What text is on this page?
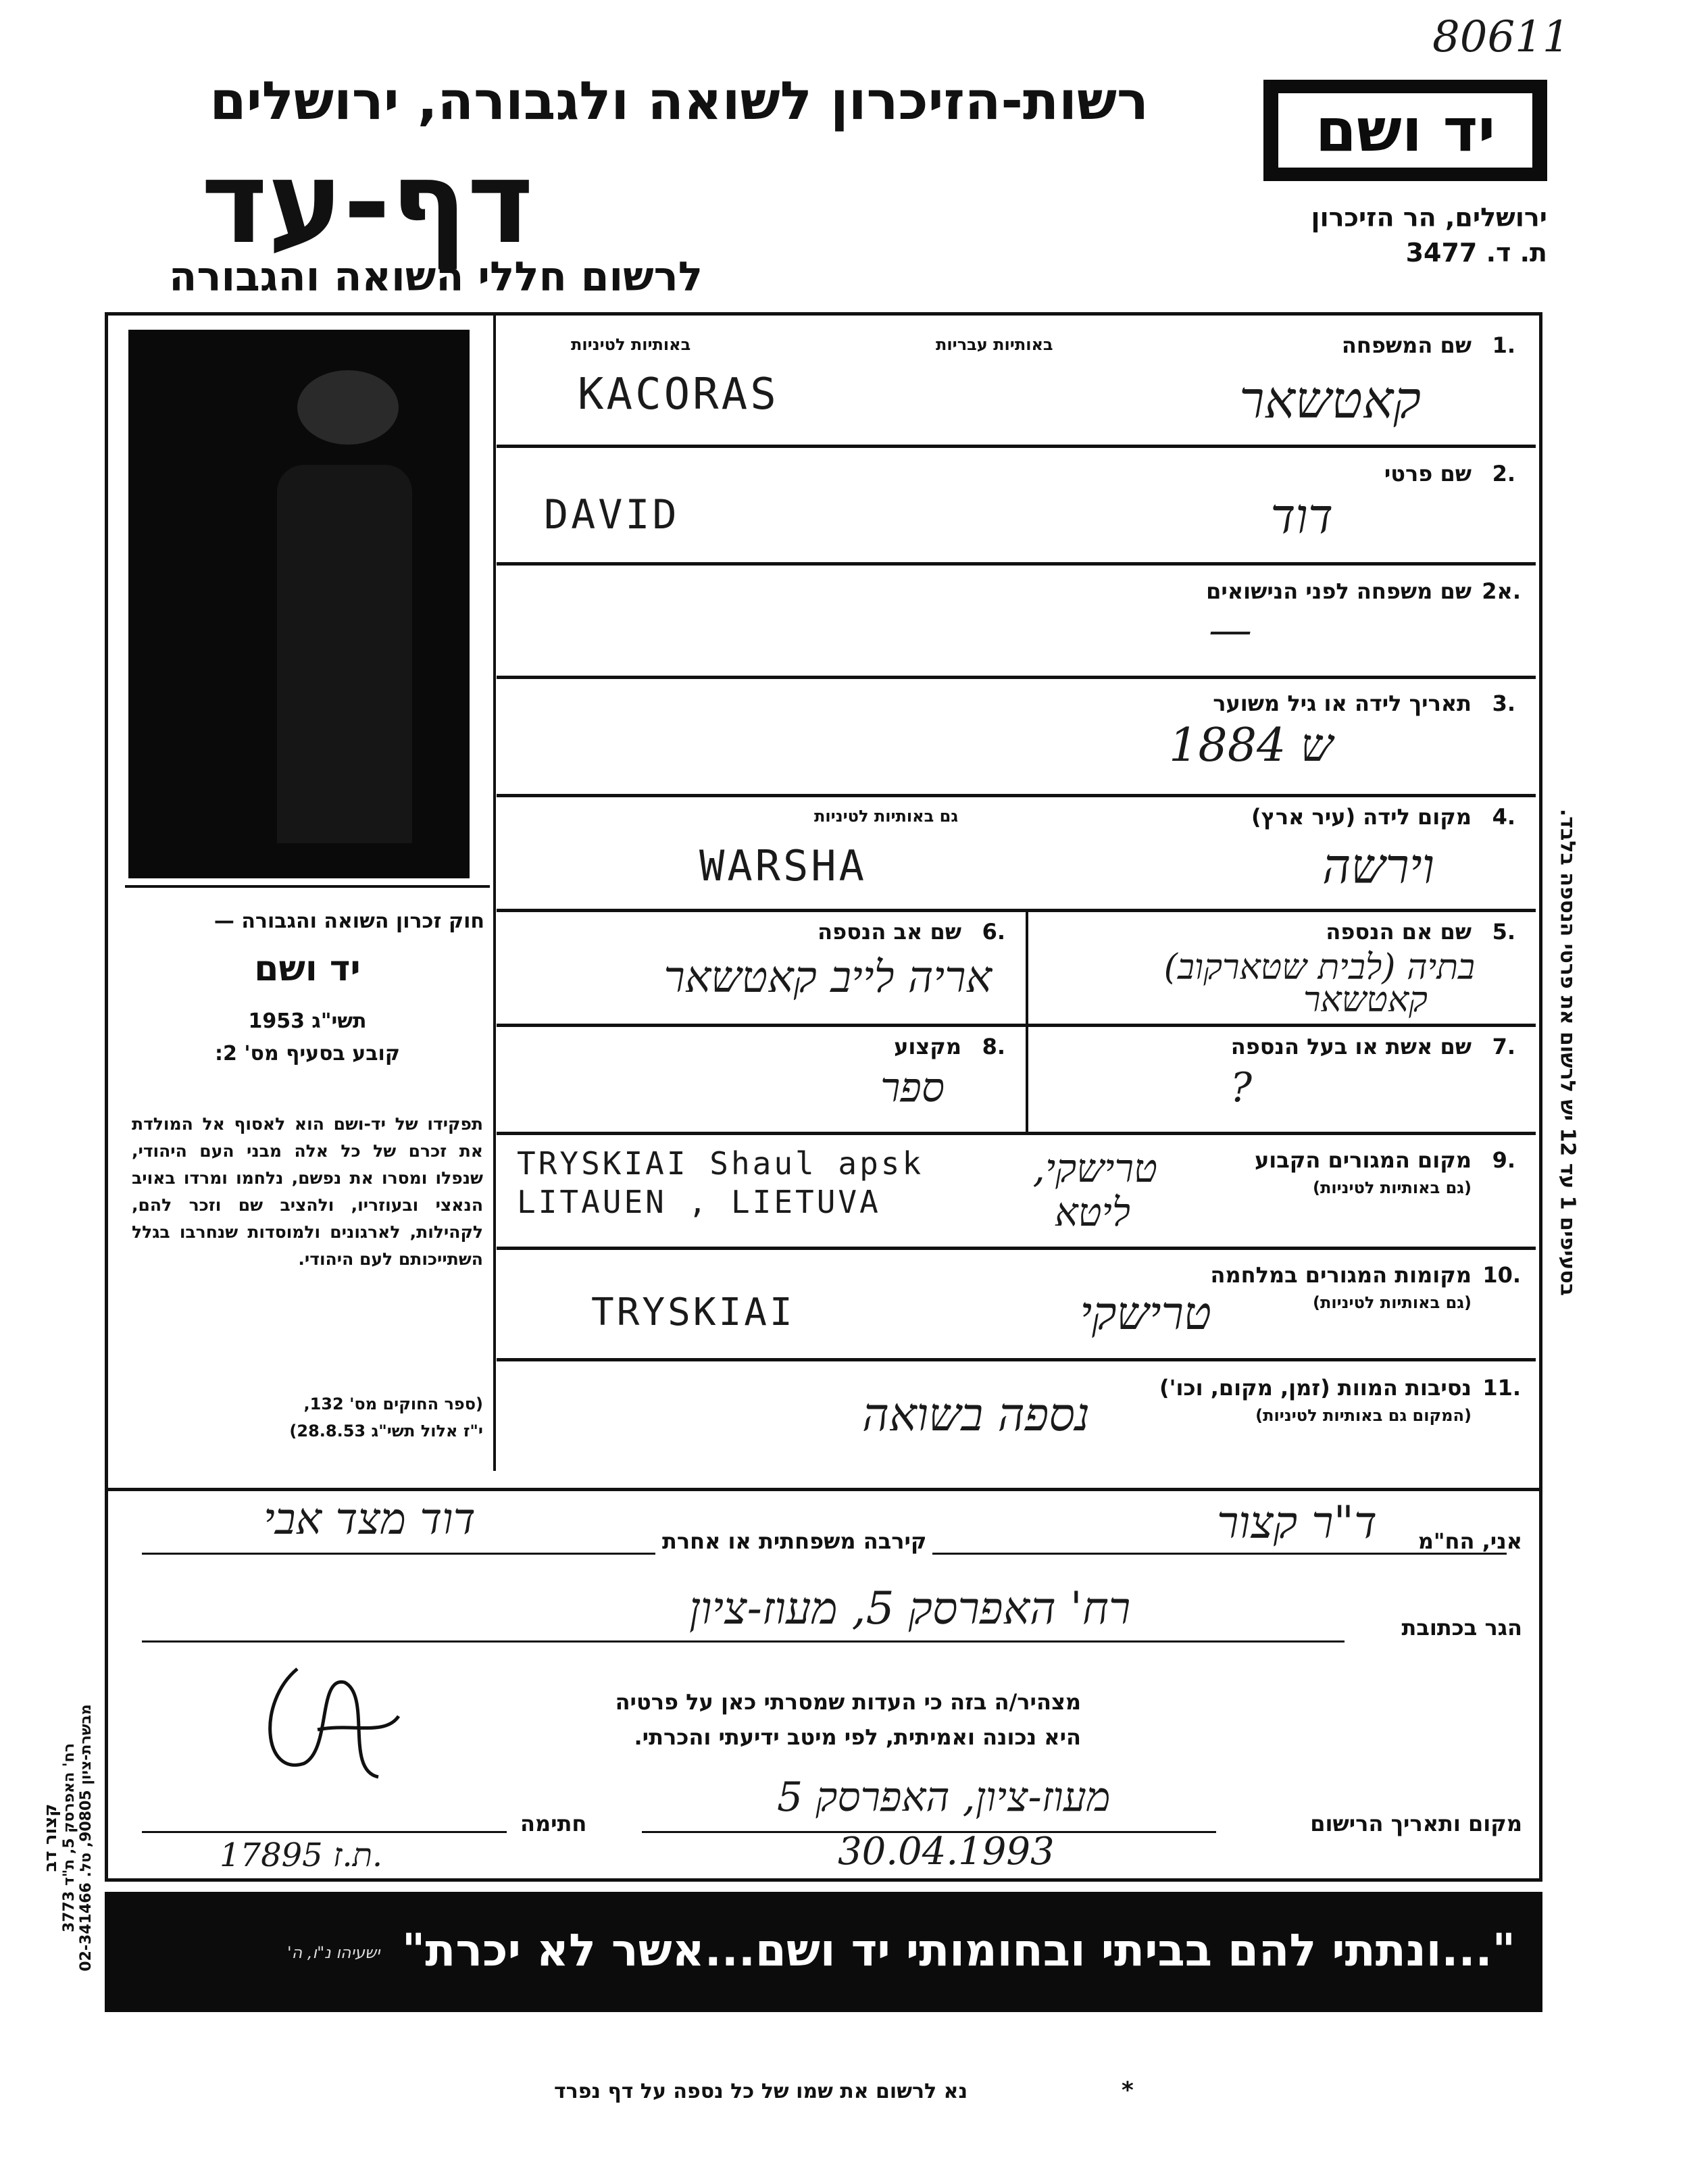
80611
רשות-הזיכרון לשואה ולגבורה, ירושלים
דף-עד
לרשום חללי השואה והגבורה
יד ושם
ירושלים, הר הזיכרון
ת. ד. 3477
בסעיפים 1 עד 12 יש לרשום את פרטי הנספה בלבד.
חוק זכרון השואה והגבורה —
יד ושם
תשי"ג 1953
קובע בסעיף מס' 2:
תפקידו של יד-ושם הוא לאסוף אל המולדת את זכרם של כל אלה מבני העם היהודי, שנפלו ומסרו את נפשם, נלחמו ומרדו באויב הנאצי ובעוזריו, ולהציב שם וזכר להם, לקהילות, לארגונים ולמוסדות שנחרבו בגלל השתייכותם לעם היהודי.
(ספר החוקים מס' 132,
י"ז אלול תשי"ג 28.8.53)
1.
שם המשפחה
באותיות עבריות
באותיות לטיניות
KACORAS	קאטשאר
2.
שם פרטי
DAVID	דוד
2א.
שם משפחה לפני הנישואים
—
3.
תאריך לידה או גיל משוער
1884 ש
4.
מקום לידה (עיר ארץ)
גם באותיות לטיניות
WARSHA	וירשה
5.
שם אם הנספה
בתיה (לבית שטארקוב)
קאטשאר
6.
שם אב הנספה
אריה לייב קאטשאר
7.
שם אשת או בעל הנספה
?
8.
מקצוע
ספר
9.
מקום המגורים הקבוע
(גם באותיות לטיניות)
TRYSKIAI Shaul apsk
LITAUEN , LIETUVA
טרישקי,
ליטא
10.
מקומות המגורים במלחמה
(גם באותיות לטיניות)
TRYSKIAI	טרישקי
11.
נסיבות המוות (זמן, מקום, וכו')
(המקום גם באותיות לטיניות)
נספה בשואה
אני, הח"מ
ד"ר קצור
קירבה משפחתית או אחרת
דוד מצד אבי
הגר בכתובת
רח' האפרסק 5, מעוז-ציון
מצהיר/ה בזה כי העדות שמסרתי כאן על פרטיה
היא נכונה ואמיתית, לפי מיטב ידיעתי והכרתי.
חתימה
17895 ת.ז.
מקום ותאריך הרישום
מעוז-ציון, האפרסק 5
30.04.1993
קצור דב
רח' האפרסק 5, ת"ד 3773
מבשרת-ציון 90805, טל. 02-341466
"...ונתתי להם בביתי ובחומותי יד ושם...אשר לא יכרת"
ישעיהו נ"ו, ה'
נא לרשום את שמו של כל נספה על דף נפרד	*
